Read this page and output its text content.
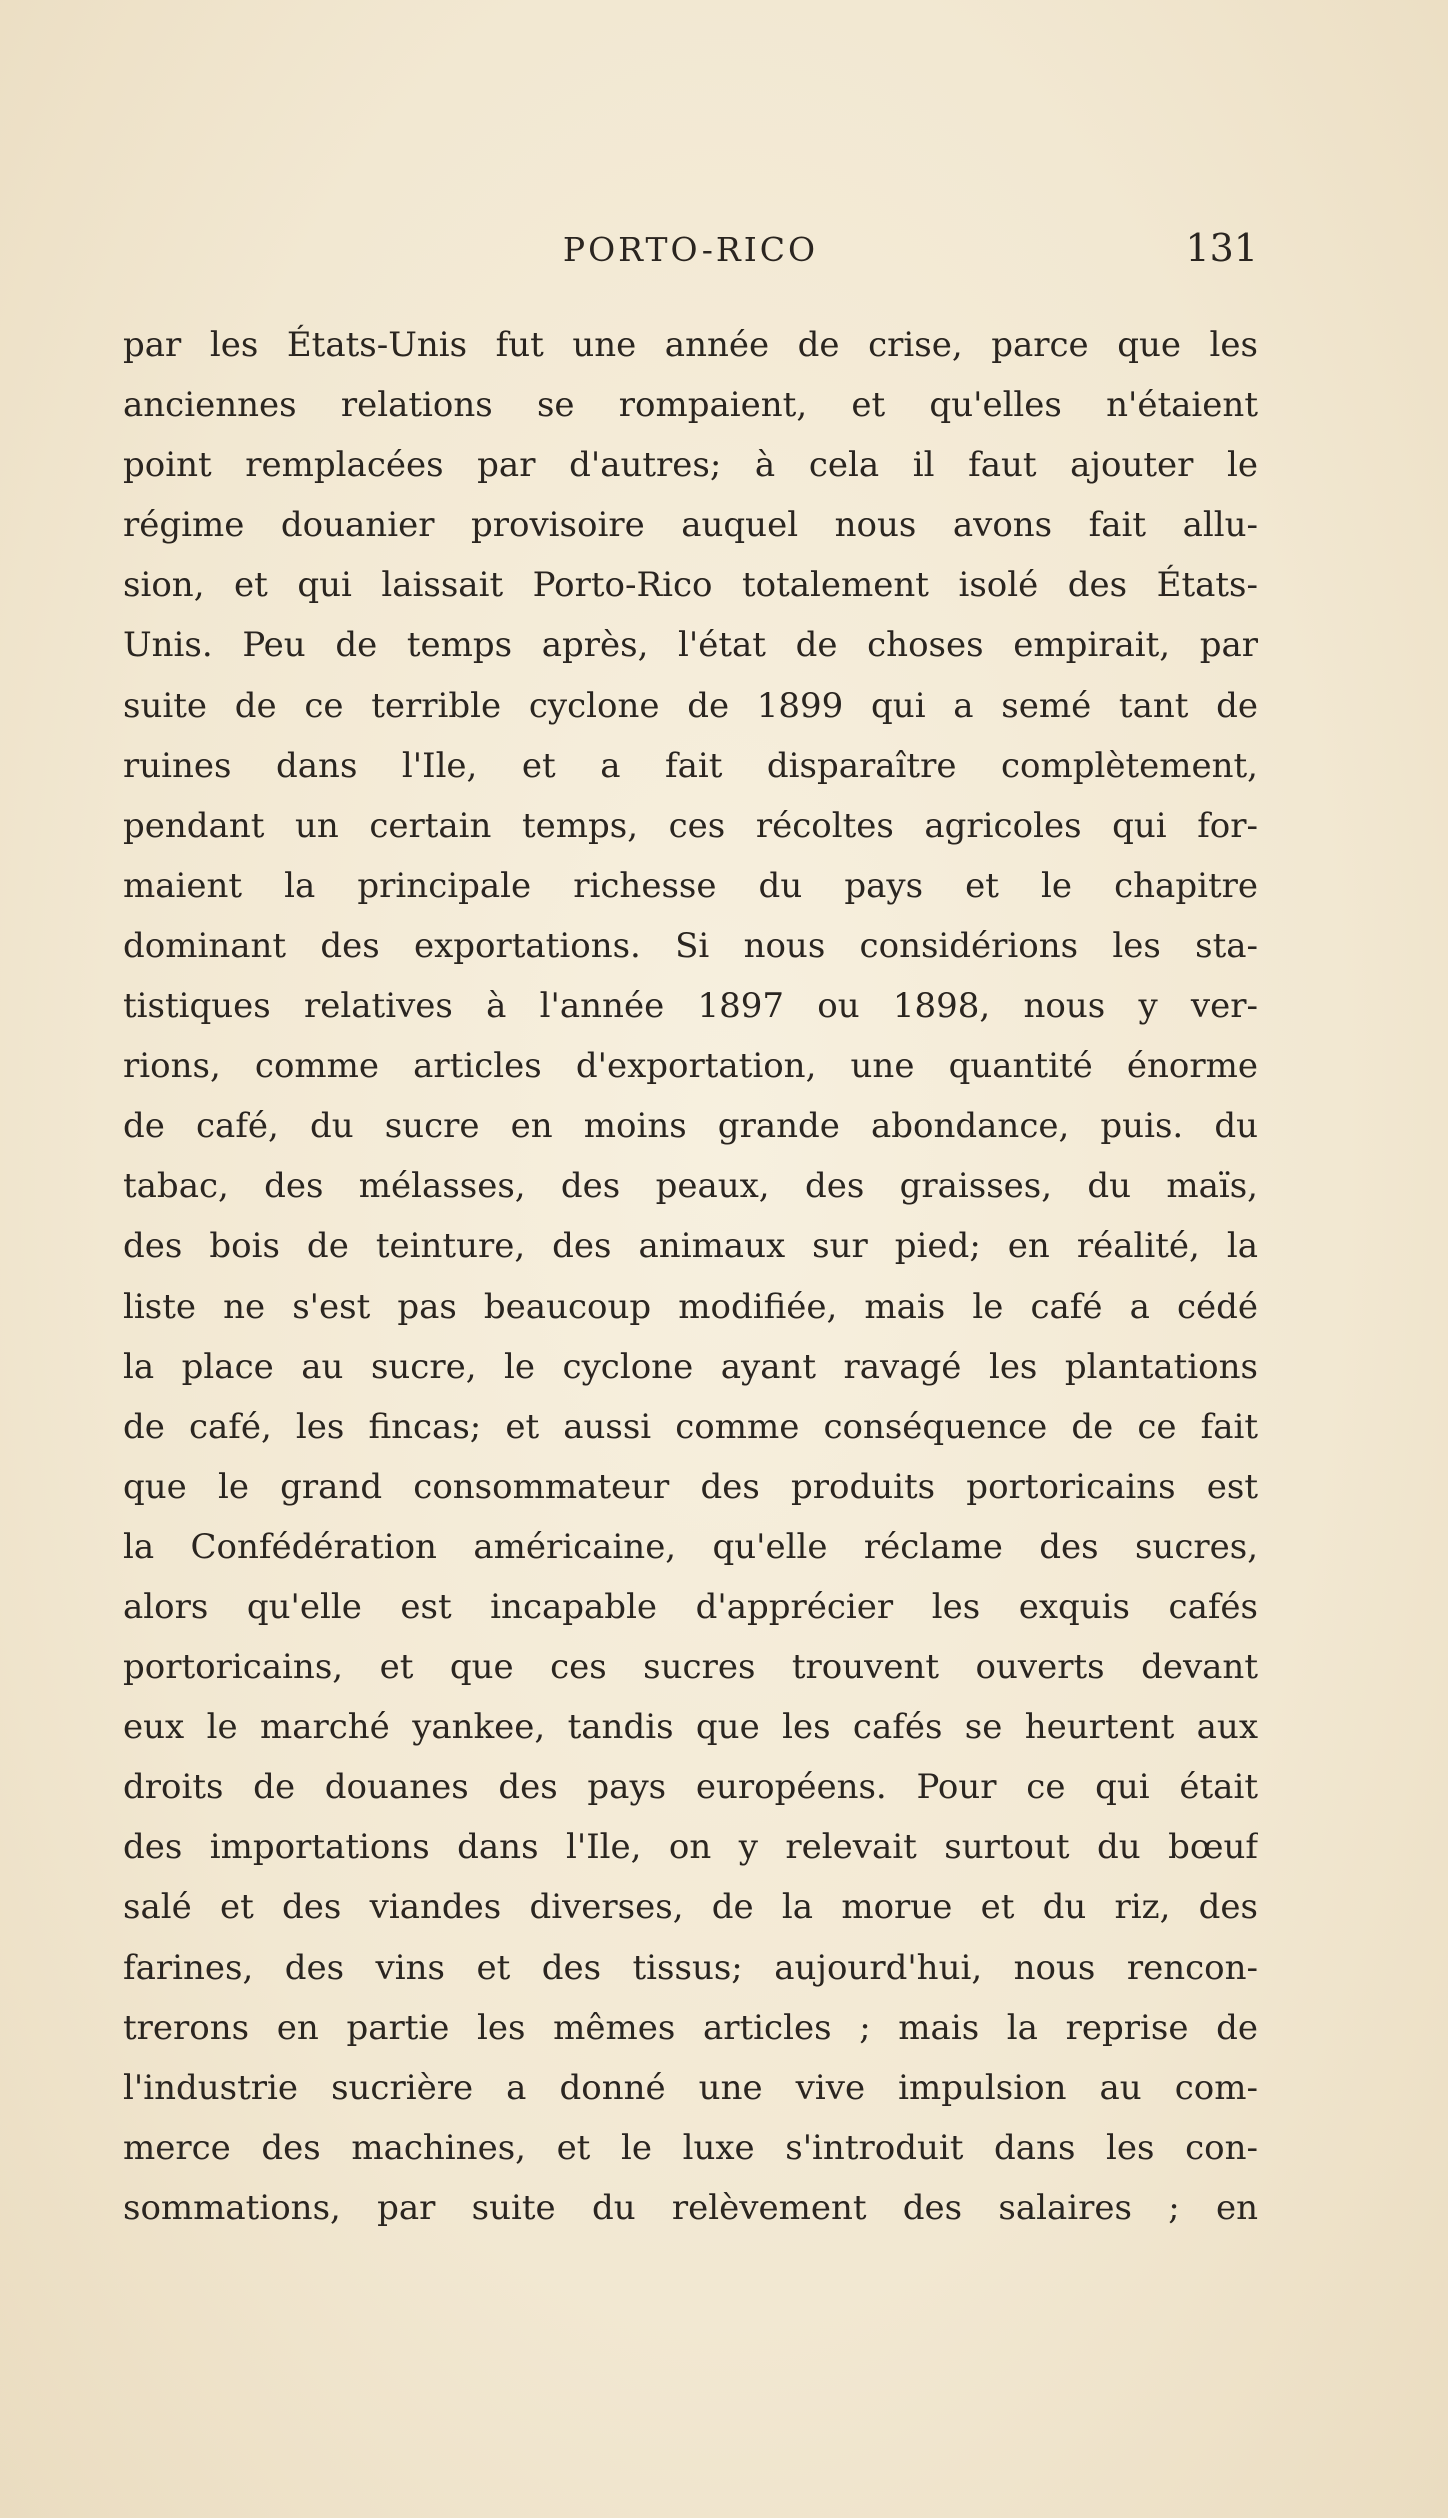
PORTO-RICO	131
par les États-Unis fut une année de crise, parce que les
anciennes relations se rompaient, et qu'elles n'étaient
point remplacées par d'autres; à cela il faut ajouter le
régime douanier provisoire auquel nous avons fait allu-
sion, et qui laissait Porto-Rico totalement isolé des États-
Unis. Peu de temps après, l'état de choses empirait, par
suite de ce terrible cyclone de 1899 qui a semé tant de
ruines dans l'Ile, et a fait disparaître complètement,
pendant un certain temps, ces récoltes agricoles qui for-
maient la principale richesse du pays et le chapitre
dominant des exportations. Si nous considérions les sta-
tistiques relatives à l'année 1897 ou 1898, nous y ver-
rions, comme articles d'exportation, une quantité énorme
de café, du sucre en moins grande abondance, puis. du
tabac, des mélasses, des peaux, des graisses, du maïs,
des bois de teinture, des animaux sur pied; en réalité, la
liste ne s'est pas beaucoup modifiée, mais le café a cédé
la place au sucre, le cyclone ayant ravagé les plantations
de café, les fincas; et aussi comme conséquence de ce fait
que le grand consommateur des produits portoricains est
la Confédération américaine, qu'elle réclame des sucres,
alors qu'elle est incapable d'apprécier les exquis cafés
portoricains, et que ces sucres trouvent ouverts devant
eux le marché yankee, tandis que les cafés se heurtent aux
droits de douanes des pays européens. Pour ce qui était
des importations dans l'Ile, on y relevait surtout du bœuf
salé et des viandes diverses, de la morue et du riz, des
farines, des vins et des tissus; aujourd'hui, nous rencon-
trerons en partie les mêmes articles ; mais la reprise de
l'industrie sucrière a donné une vive impulsion au com-
merce des machines, et le luxe s'introduit dans les con-
sommations, par suite du relèvement des salaires ; en
